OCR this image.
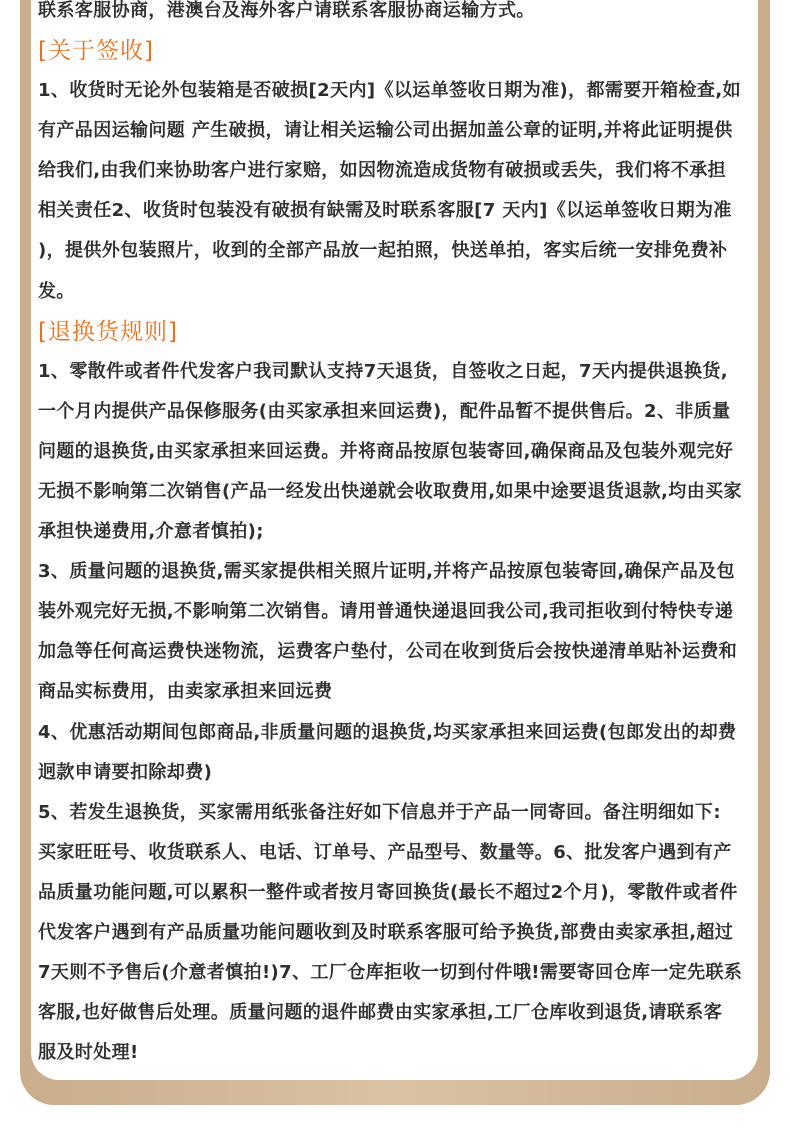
联系客服协商，港澳台及海外客户请联系客服协商运输方式。

[关于签收]

1、收货时无论外包装箱是否破损[2天内]《以运单签收日期为准)，都需要开箱检查,如
有产品因运输问题 产生破损，请让相关运输公司出据加盖公章的证明,并将此证明提供
给我们,由我们来协助客户进行家赔，如因物流造成货物有破损或丢失，我们将不承担
相关责任2、收货时包装没有破损有缺需及时联系客服[7 天内]《以运单签收日期为准
)，提供外包装照片，收到的全部产品放一起拍照，快送单拍，客实后统一安排免费补
发。

[退换货规则]

1、零散件或者件代发客户我司默认支持7天退货，自签收之日起，7天内提供退换货,
一个月内提供产品保修服务(由买家承担来回运费)，配件品暂不提供售后。2、非质量
问题的退换货,由买家承担来回运费。并将商品按原包装寄回,确保商品及包装外观完好
无损不影响第二次销售(产品一经发出快递就会收取费用,如果中途要退货退款,均由买家
承担快递费用,介意者慎拍);

3、质量问题的退换货,需买家提供相关照片证明,并将产品按原包装寄回,确保产品及包
装外观完好无损,不影响第二次销售。请用普通快递退回我公司,我司拒收到付特快专递
加急等任何高运费快迷物流，运费客户垫付，公司在收到货后会按快递清单贴补运费和
商品实标费用，由卖家承担来回远费

4、优惠活动期间包郎商品,非质量问题的退换货,均买家承担来回运费(包郎发出的却费
迥款申请要扣除却费)

5、若发生退换货，买家需用纸张备注好如下信息并于产品一同寄回。备注明细如下:
买家旺旺号、收货联系人、电话、订单号、产品型号、数量等。6、批发客户遇到有产
品质量功能问题,可以累积一整件或者按月寄回换货(最长不超过2个月)，零散件或者件
代发客户遇到有产品质量功能问题收到及时联系客服可给予换货,部费由卖家承担,超过
7天则不予售后(介意者慎拍!)7、工厂仓库拒收一切到付件哦!需要寄回仓库一定先联系
客服,也好做售后处理。质量问题的退件邮费由实家承担,工厂仓库收到退货,请联系客
服及时处理!
